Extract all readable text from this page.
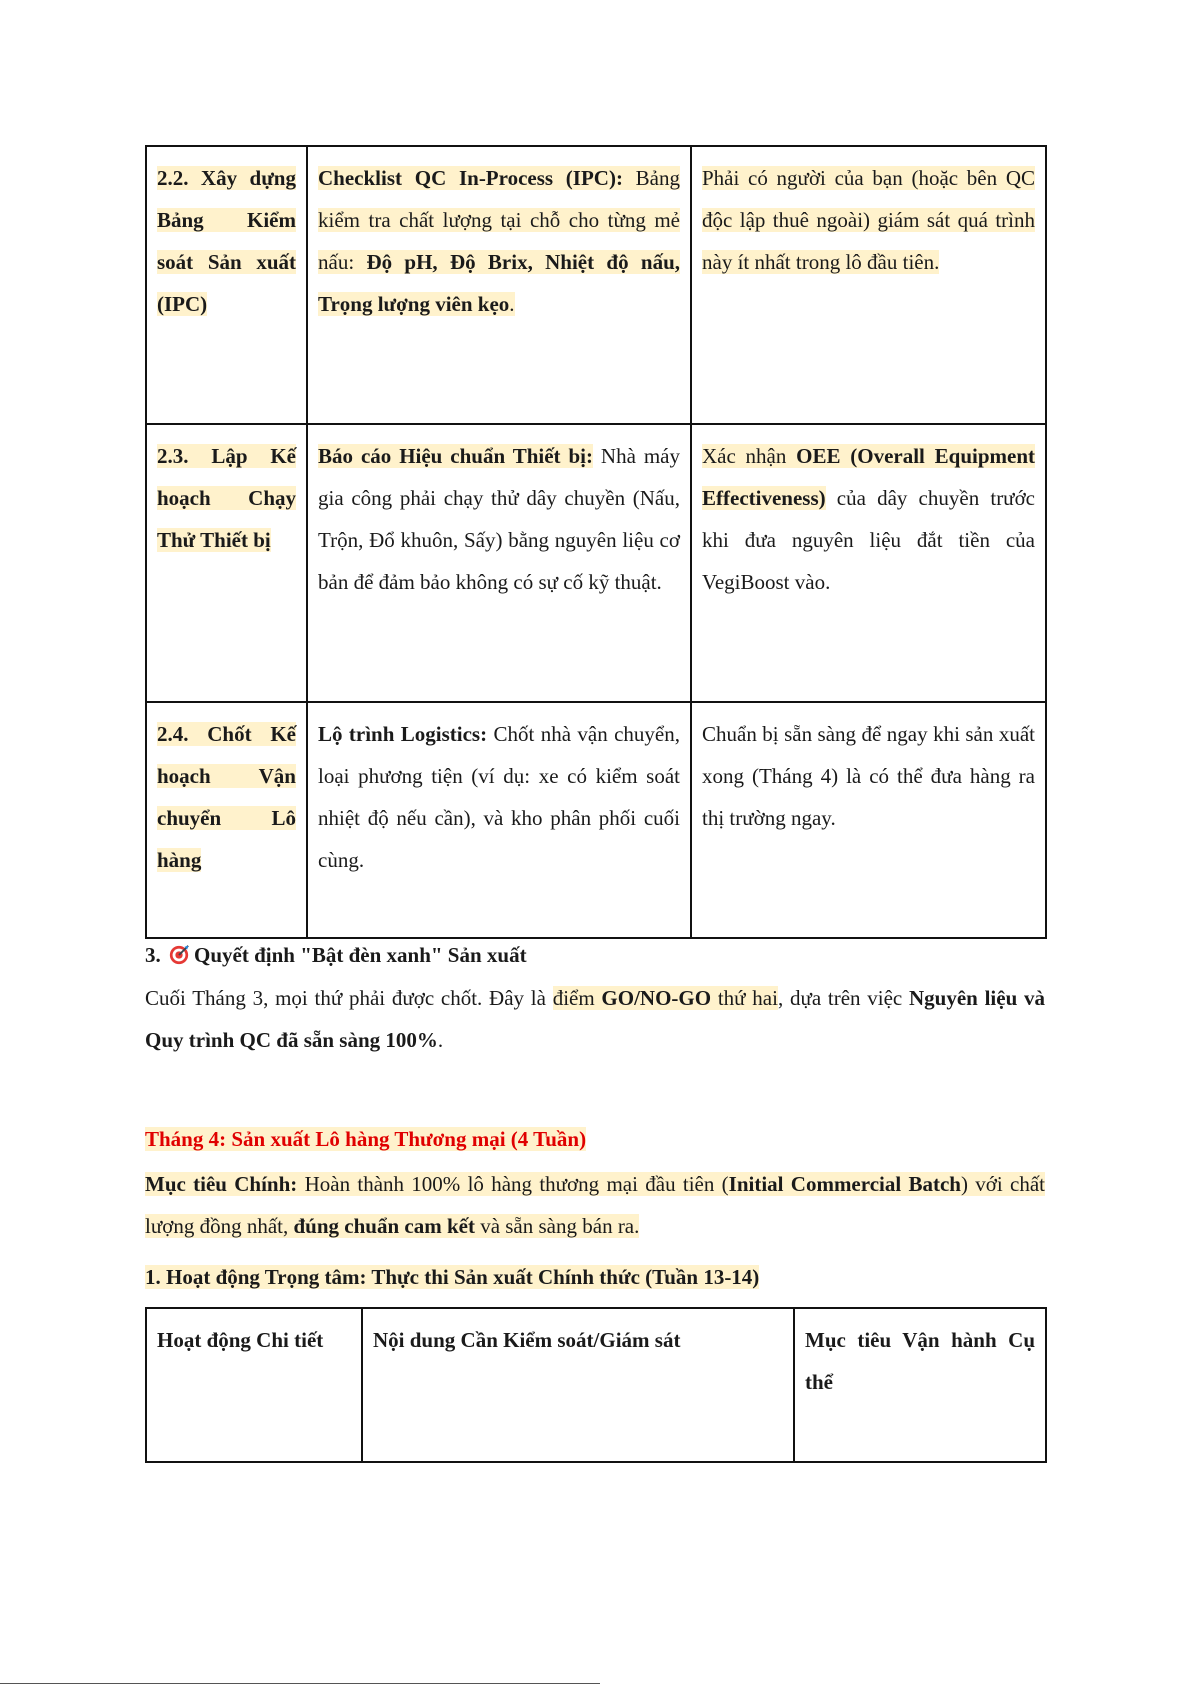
2.2. Xây dựng Bảng Kiểm soát Sản xuất (IPC)	Checklist QC In-Process (IPC): Bảng kiểm tra chất lượng tại chỗ cho từng mẻ nấu: Độ pH, Độ Brix, Nhiệt độ nấu, Trọng lượng viên kẹo.	Phải có người của bạn (hoặc bên QC độc lập thuê ngoài) giám sát quá trình này ít nhất trong lô đầu tiên.
2.3. Lập Kế hoạch Chạy Thử Thiết bị	Báo cáo Hiệu chuẩn Thiết bị: Nhà máy gia công phải chạy thử dây chuyền (Nấu, Trộn, Đổ khuôn, Sấy) bằng nguyên liệu cơ bản để đảm bảo không có sự cố kỹ thuật.	Xác nhận OEE (Overall Equipment Effectiveness) của dây chuyền trước khi đưa nguyên liệu đắt tiền của VegiBoost vào.
2.4. Chốt Kế hoạch Vận chuyển Lô hàng	Lộ trình Logistics: Chốt nhà vận chuyển, loại phương tiện (ví dụ: xe có kiểm soát nhiệt độ nếu cần), và kho phân phối cuối cùng.	Chuẩn bị sẵn sàng để ngay khi sản xuất xong (Tháng 4) là có thể đưa hàng ra thị trường ngay.

3. Quyết định "Bật đèn xanh" Sản xuất

Cuối Tháng 3, mọi thứ phải được chốt. Đây là điểm GO/NO-GO thứ hai, dựa trên việc Nguyên liệu và Quy trình QC đã sẵn sàng 100%.

Tháng 4: Sản xuất Lô hàng Thương mại (4 Tuần)

Mục tiêu Chính: Hoàn thành 100% lô hàng thương mại đầu tiên (Initial Commercial Batch) với chất lượng đồng nhất, đúng chuẩn cam kết và sẵn sàng bán ra.

1. Hoạt động Trọng tâm: Thực thi Sản xuất Chính thức (Tuần 13-14)

Hoạt động Chi tiết	Nội dung Cần Kiểm soát/Giám sát	Mục tiêu Vận hành Cụ thể
